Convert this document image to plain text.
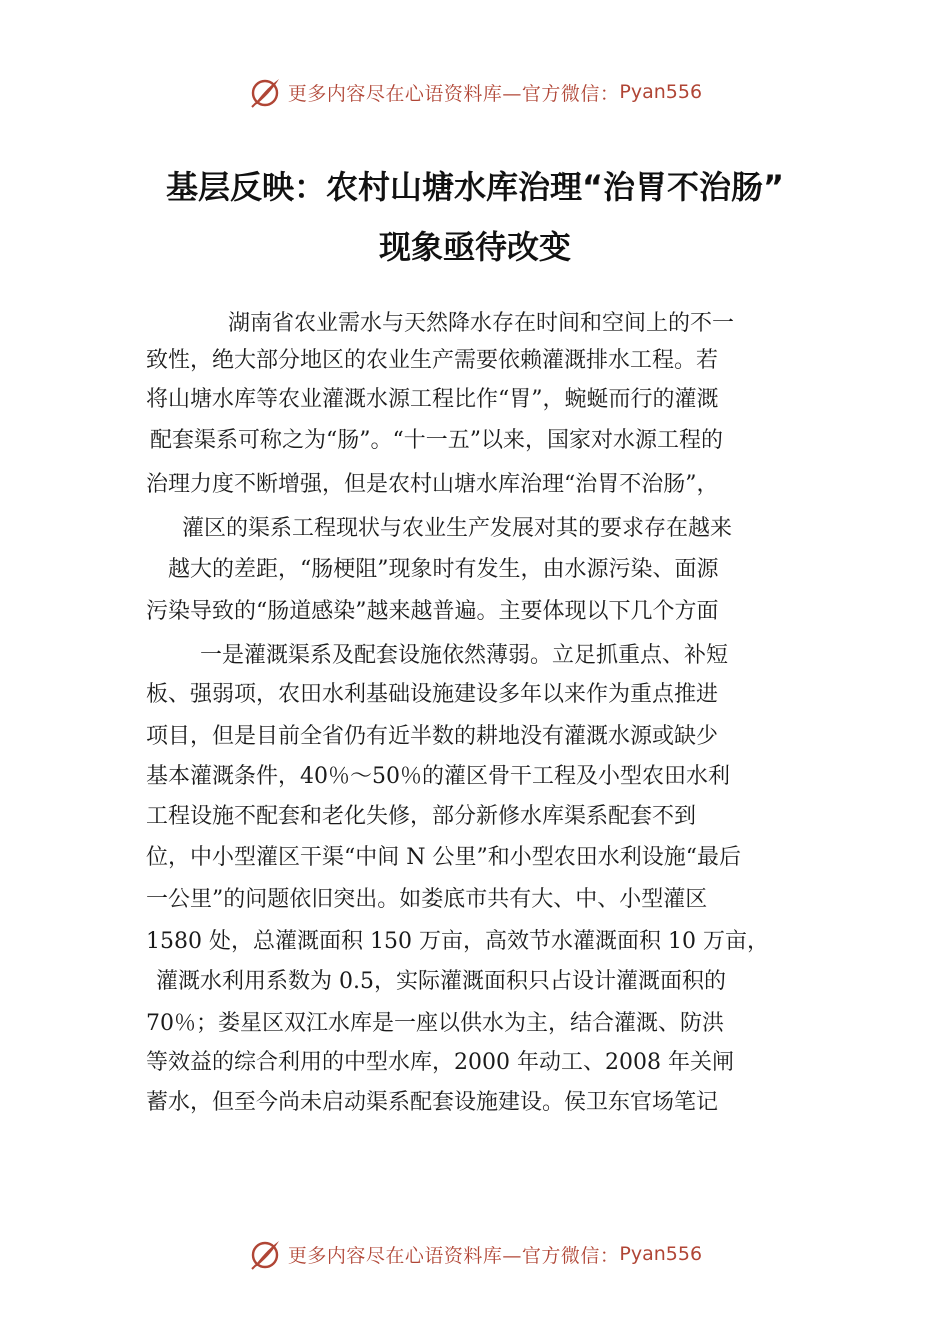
更多内容尽在心语资料库—官方微信： Pyan556
基层反映：农村山塘水库治理“治胃不治肠”
现象亟待改变
湖南省农业需水与天然降水存在时间和空间上的不一
致性，绝大部分地区的农业生产需要依赖灌溉排水工程。若
将山塘水库等农业灌溉水源工程比作“胃”，蜿蜒而行的灌溉
配套渠系可称之为“肠”。“十一五”以来，国家对水源工程的
治理力度不断增强，但是农村山塘水库治理“治胃不治肠”，
灌区的渠系工程现状与农业生产发展对其的要求存在越来
越大的差距，“肠梗阻”现象时有发生，由水源污染、面源
污染导致的“肠道感染”越来越普遍。主要体现以下几个方面
一是灌溉渠系及配套设施依然薄弱。立足抓重点、补短
板、强弱项，农田水利基础设施建设多年以来作为重点推进
项目，但是目前全省仍有近半数的耕地没有灌溉水源或缺少
基本灌溉条件，40％～50％的灌区骨干工程及小型农田水利
工程设施不配套和老化失修，部分新修水库渠系配套不到
位，中小型灌区干渠“中间 N 公里”和小型农田水利设施“最后
一公里”的问题依旧突出。如娄底市共有大、中、小型灌区
1580 处，总灌溉面积 150 万亩，高效节水灌溉面积 10 万亩，
灌溉水利用系数为 0.5，实际灌溉面积只占设计灌溉面积的
70％；娄星区双江水库是一座以供水为主，结合灌溉、防洪
等效益的综合利用的中型水库，2000 年动工、2008 年关闸
蓄水，但至今尚未启动渠系配套设施建设。侯卫东官场笔记
更多内容尽在心语资料库—官方微信： Pyan556
